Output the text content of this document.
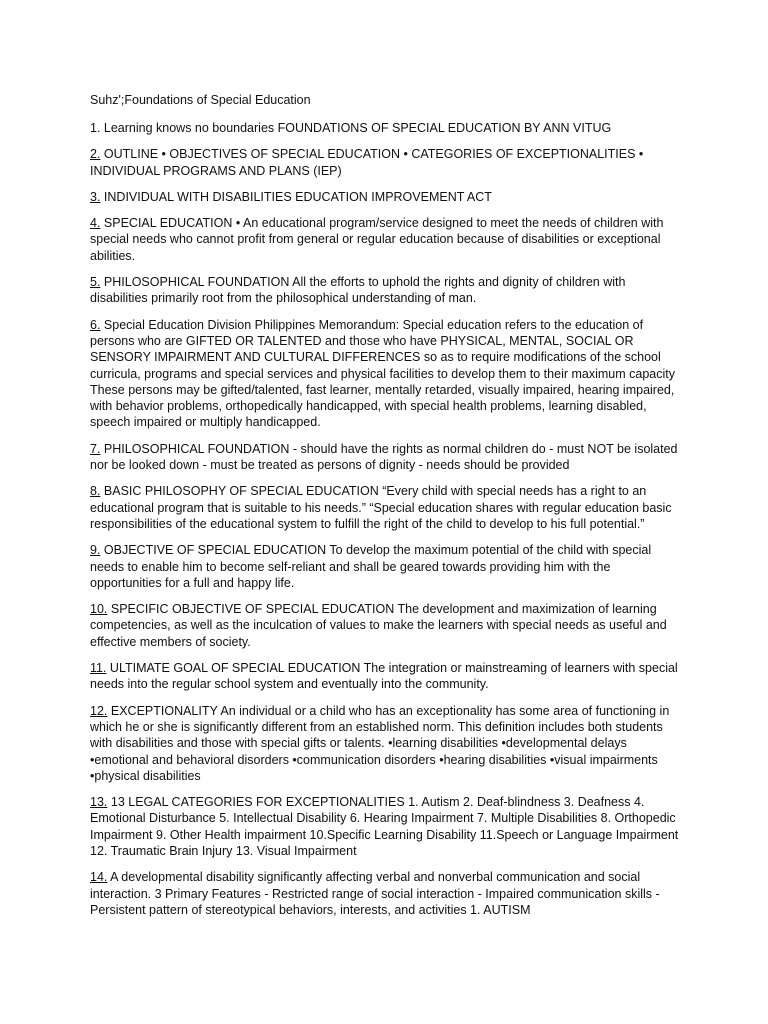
Suhz';Foundations of Special Education

1. Learning knows no boundaries FOUNDATIONS OF SPECIAL EDUCATION BY ANN VITUG

2. OUTLINE • OBJECTIVES OF SPECIAL EDUCATION • CATEGORIES OF EXCEPTIONALITIES • INDIVIDUAL PROGRAMS AND PLANS (IEP)

3. INDIVIDUAL WITH DISABILITIES EDUCATION IMPROVEMENT ACT

4. SPECIAL EDUCATION • An educational program/service designed to meet the needs of children with special needs who cannot profit from general or regular education because of disabilities or exceptional abilities.

5. PHILOSOPHICAL FOUNDATION All the efforts to uphold the rights and dignity of children with disabilities primarily root from the philosophical understanding of man.

6. Special Education Division Philippines Memorandum: Special education refers to the education of persons who are GIFTED OR TALENTED and those who have PHYSICAL, MENTAL, SOCIAL OR SENSORY IMPAIRMENT AND CULTURAL DIFFERENCES so as to require modifications of the school curricula, programs and special services and physical facilities to develop them to their maximum capacity These persons may be gifted/talented, fast learner, mentally retarded, visually impaired, hearing impaired, with behavior problems, orthopedically handicapped, with special health problems, learning disabled, speech impaired or multiply handicapped.

7. PHILOSOPHICAL FOUNDATION - should have the rights as normal children do - must NOT be isolated nor be looked down - must be treated as persons of dignity - needs should be provided

8. BASIC PHILOSOPHY OF SPECIAL EDUCATION “Every child with special needs has a right to an educational program that is suitable to his needs.” “Special education shares with regular education basic responsibilities of the educational system to fulfill the right of the child to develop to his full potential.”

9. OBJECTIVE OF SPECIAL EDUCATION To develop the maximum potential of the child with special needs to enable him to become self-reliant and shall be geared towards providing him with the opportunities for a full and happy life.

10. SPECIFIC OBJECTIVE OF SPECIAL EDUCATION The development and maximization of learning competencies, as well as the inculcation of values to make the learners with special needs as useful and effective members of society.

11. ULTIMATE GOAL OF SPECIAL EDUCATION The integration or mainstreaming of learners with special needs into the regular school system and eventually into the community.

12. EXCEPTIONALITY An individual or a child who has an exceptionality has some area of functioning in which he or she is significantly different from an established norm. This definition includes both students with disabilities and those with special gifts or talents. •learning disabilities •developmental delays •emotional and behavioral disorders •communication disorders •hearing disabilities •visual impairments •physical disabilities

13. 13 LEGAL CATEGORIES FOR EXCEPTIONALITIES 1. Autism 2. Deaf-blindness 3. Deafness 4. Emotional Disturbance 5. Intellectual Disability 6. Hearing Impairment 7. Multiple Disabilities 8. Orthopedic Impairment 9. Other Health impairment 10.Specific Learning Disability 11.Speech or Language Impairment 12. Traumatic Brain Injury 13. Visual Impairment

14. A developmental disability significantly affecting verbal and nonverbal communication and social interaction. 3 Primary Features - Restricted range of social interaction - Impaired communication skills - Persistent pattern of stereotypical behaviors, interests, and activities 1. AUTISM
